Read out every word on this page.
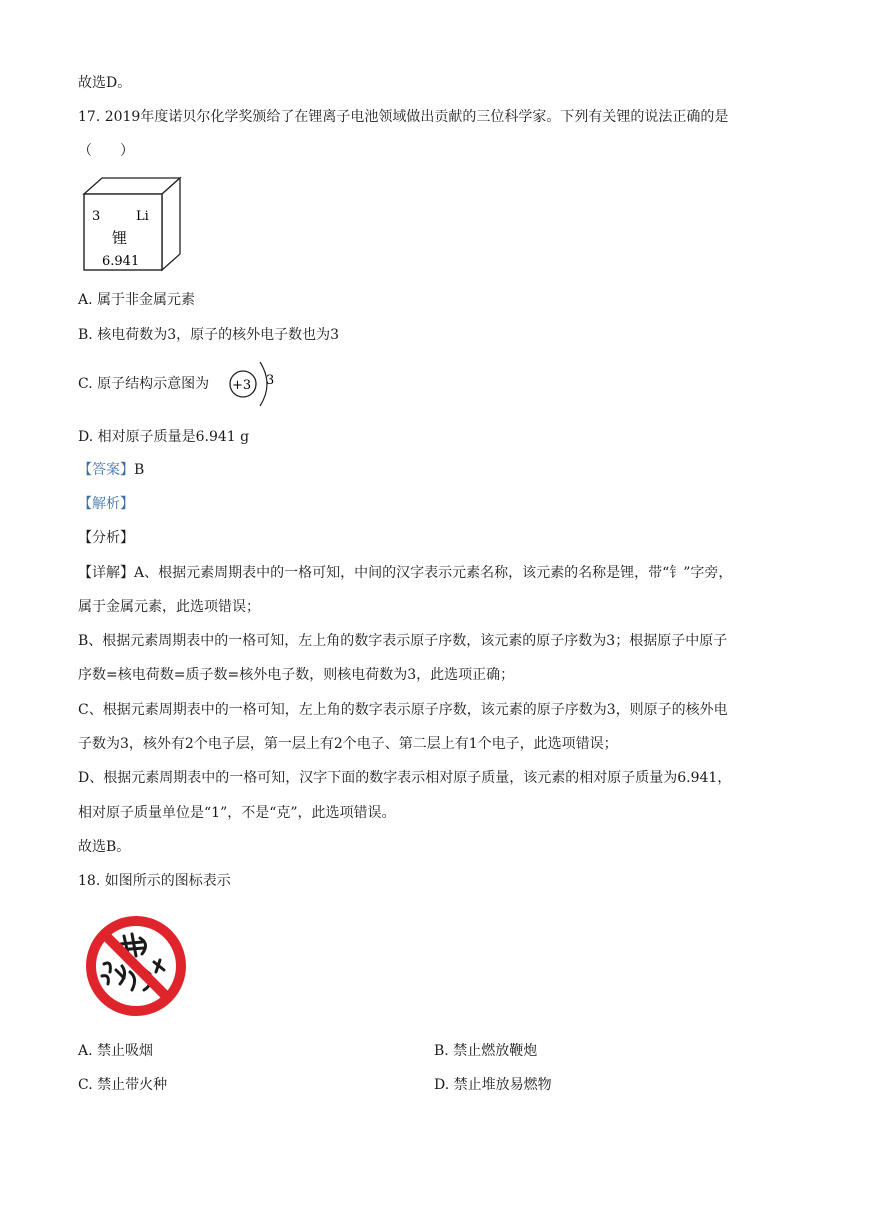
故选D。
17. 2019年度诺贝尔化学奖颁给了在锂离子电池领域做出贡献的三位科学家。下列有关锂的说法正确的是
（　　）
3	Li
锂
6.941
A. 属于非金属元素
B. 核电荷数为3，原子的核外电子数也为3
C. 原子结构示意图为 +3 3
D. 相对原子质量是6.941 g
【答案】B
【解析】
【分析】
【详解】A、根据元素周期表中的一格可知，中间的汉字表示元素名称，该元素的名称是锂，带“钅”字旁，
属于金属元素，此选项错误；
B、根据元素周期表中的一格可知，左上角的数字表示原子序数，该元素的原子序数为3；根据原子中原子
序数=核电荷数=质子数=核外电子数，则核电荷数为3，此选项正确；
C、根据元素周期表中的一格可知，左上角的数字表示原子序数，该元素的原子序数为3，则原子的核外电
子数为3，核外有2个电子层，第一层上有2个电子、第二层上有1个电子，此选项错误；
D、根据元素周期表中的一格可知，汉字下面的数字表示相对原子质量，该元素的相对原子质量为6.941，
相对原子质量单位是“1”，不是“克”，此选项错误。
故选B。
18. 如图所示的图标表示
A. 禁止吸烟	B. 禁止燃放鞭炮
C. 禁止带火种	D. 禁止堆放易燃物
